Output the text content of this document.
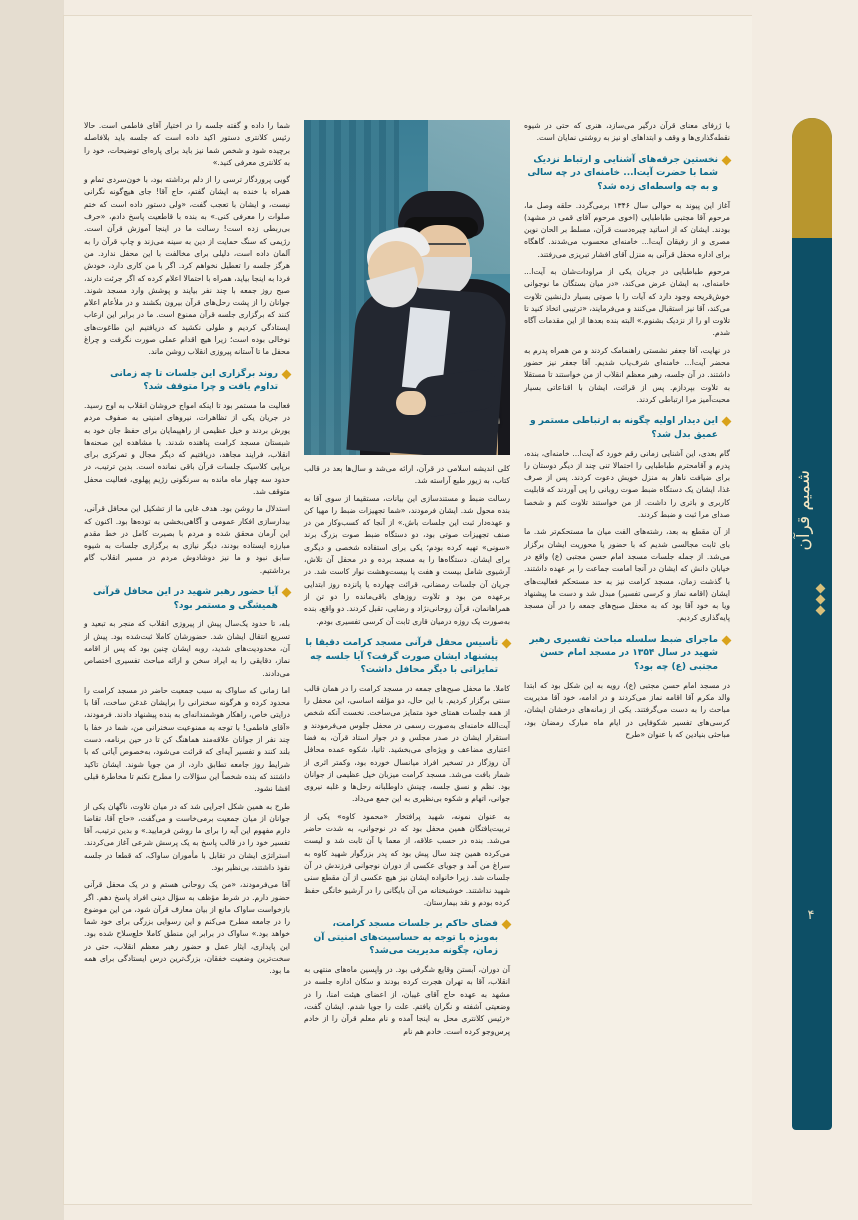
شمیم قرآن
۴

شما را داده و گفته جلسه را در اختیار آقای فاطمی است. حالا رئیس کلانتری دستور اکید داده است که جلسه باید بلافاصله برچیده شود و شخص شما نیز باید برای پاره‌ای توضیحات، خود را به کلانتری معرفی کنید.»

گویی پروردگار ترسی را از دلم برداشته بود، با خون‌سردی تمام و همراه با خنده به ایشان گفتم، حاج آقا! جای هیچ‌گونه نگرانی نیست، و ایشان با تعجب گفت، «ولی دستور داده است که ختم صلوات را معرفی کنی.» به بنده با قاطعیت پاسخ دادم، «حرف بی‌ربطی زده است! رسالت ما در اینجا آموزش قرآن است. رژیمی که سنگ حمایت از دین به سینه می‌زند و چاپ قرآن را به آلمان داده است، دلیلی برای مخالفت با این محفل ندارد. من هرگز جلسه را تعطیل نخواهم کرد. اگر با من کاری دارد، خودش فردا به اینجا بیاید، همراه با احتمالا اعلام کرده که اگر جرئت دارند، صبح روز جمعه با چند نفر بیایند و پوشش وارد مسجد شوند. جوانان را از پشت رحل‌های قرآن بیرون بکشند و در ملأعام اعلام کنند که برگزاری جلسه قرآن ممنوع است. ما در برابر این ارعاب ایستادگی کردیم و طولی نکشید که دریافتیم این طاغوت‌های نوخالی بوده است؛ زیرا هیچ اقدام عملی صورت نگرفت و چراغ محفل ما تا آستانه پیروزی انقلاب روشن ماند.

روند برگزاری این جلسات تا چه زمانی تداوم یافت و چرا متوقف شد؟

فعالیت ما مستمر بود تا اینکه امواج خروشان انقلاب به اوج رسید. در جریان یکی از تظاهرات، نیروهای امنیتی به صفوف مردم یورش بردند و خیل عظیمی از راهپیمایان برای حفظ جان خود به شبستان مسجد کرامت پناهنده شدند. با مشاهده این صحنه‌ها انقلاب، فرایند مجاهد، دریافتیم که دیگر مجال و تمرکزی برای برپایی کلاسیک جلسات قرآن باقی نمانده است. بدین ترتیب، در حدود سه چهار ماه مانده به سرنگونی رژیم پهلوی، فعالیت محفل متوقف شد.

استدلال ما روشن بود. هدف غایی ما از تشکیل این محافل قرآنی، بیدارسازی افکار عمومی و آگاهی‌بخشی به توده‌ها بود. اکنون که این آرمان محقق شده و مردم با بصیرت کامل در خط مقدم مبارزه ایستاده بودند، دیگر نیازی به برگزاری جلسات به شیوه سابق نبود و ما نیز دوشادوش مردم در مسیر انقلاب گام برداشتیم.

آیا حضور رهبر شهید در این محافل قرآنی همیشگی و مستمر بود؟

بله، تا حدود یک‌سال پیش از پیروزی انقلاب که منجر به تبعید و تسریع انتقال ایشان شد. حضورشان کاملا ثبت‌شده بود. پیش از آن، محدودیت‌های شدید، روبه ایشان چنین بود که پس از اقامه نماز، دقایقی را به ایراد سخن و ارائه مباحث تفسیری اختصاص می‌دادند.

اما زمانی که ساواک به سبب جمعیت حاضر در مسجد کرامت را محدود کرده و هرگونه سخنرانی را برایشان غدغن ساخت، آقا با درایتی خاص، راهکار هوشمندانه‌ای به بنده پیشنهاد دادند. فرمودند، «آقای فاطمی! با توجه به ممنوعیت سخنرانی من، شما در خفا با چند نفر از جوانان علاقه‌مند هماهنگ کن تا در حین برنامه، دست بلند کنند و تفسیر آیه‌ای که قرائت می‌شود، به‌خصوص آیاتی که با شرایط روز جامعه تطابق دارد، از من جویا شوند. ایشان تاکید داشتند که بنده شخصاً این سؤالات را مطرح نکنم تا مخاطرهٔ قبلی افشا نشود.

طرح به همین شکل اجرایی شد که در میان تلاوت، ناگهان یکی از جوانان از میان جمعیت برمی‌خاست و می‌گفت، «حاج آقا، تقاضا دارم مفهوم این آیه را برای ما روشن فرمایید.» و بدین ترتیب، آقا تفسیر خود را در قالب پاسخ به یک پرسش شرعی آغاز می‌کردند. استراتژی ایشان در تقابل با مأموران ساواک، که قطعا در جلسه نفوذ داشتند، بی‌نظیر بود.

آقا می‌فرمودند، «من یک روحانی هستم و در یک محفل قرآنی حضور دارم. در شرط مؤظف به سؤال دینی افراد پاسخ دهم. اگر بازخواست ساواک مانع از بیان معارف قرآن شود، من این موضوع را در جامعه مطرح می‌کنم و این رسوایی بزرگی برای خود شما خواهد بود.» ساواک در برابر این منطق کاملا خلع‌سلاح شده بود. این پایداری، ایثار عمل و حضور رهبر معظم انقلاب، حتی در سخت‌ترین وضعیت خفقان، بزرگ‌ترین درس ایستادگی برای همه ما بود.

کلی اندیشه اسلامی در قرآن، ارائه می‌شد و سال‌ها بعد در قالب کتاب، به زیور طبع آراسته شد.

رسالت ضبط و مستندسازی این بیانات، مستقیما از سوی آقا به بنده محول شد. ایشان فرمودند، «شما تجهیزات ضبط را مهیا کن و عهده‌دار ثبت این جلسات باش.» از آنجا که کسب‌وکار من در صنف تجهیزات صوتی بود، دو دستگاه ضبط صوت بزرگ برند «سونی» تهیه کرده بودم؛ یکی برای استفاده شخصی و دیگری برای ایشان. دستگاه‌ها را به مسجد برده و در محفل آن تلاش، آرشیوی شامل بیست و هفت یا بیست‌وهشت نوار کاست شد. در جریان آن جلسات رمضانی، قرائت چهارده یا پانزده روز ابتدایی برعهده من بود و تلاوت روزهای باقی‌مانده را دو تن از همراهانمان، قرآن روحانی‌نژاد و رضایی، تقبل کردند. دو واقع، بنده به‌صورت یک روزه درمیان قاری ثابت آن کرسی تفسیری بودم.

تأسیس محفل قرآنی مسجد کرامت دقیقا با پیشنهاد ایشان صورت گرفت؟ آیا جلسه چه تمایزاتی با دیگر محافل داشت؟

کاملا. ما محفل صبح‌های جمعه در مسجد کرامت را در همان قالب سنتی برگزار کردیم. با این حال، دو مؤلفه اساسی، این محفل را از همه جلسات همتای خود متمایز می‌ساخت. نخست آنکه شخص آیت‌الله خامنه‌ای به‌صورت رسمی در محفل جلوس می‌فرمودند و استقرار ایشان در صدر مجلس و در جوار استاد قرآن، به فضا اعتباری مضاعف و ویژه‌ای می‌بخشید. ثانیا، شکوه عمده محافل آن روزگار در تسخیر افراد میانسال خورده بود، وکمتر اثری از شمار بافت می‌شد. مسجد کرامت میزبان خیل عظیمی از جوانان بود. نظم و نسق جلسه، چینش داوطلبانه رحل‌ها و غلبه نیروی جوانی، اتهام و شکوه بی‌نظیری به این جمع می‌داد.

به عنوان نمونه، شهید پرافتخار «محمود کاوه» یکی از تربیت‌یافتگان همین محفل بود که در نوجوانی، به شدت حاضر می‌شد. بنده در حسب علاقه، از معما یا آن ثابت شد و لیست می‌کرده همین چند سال پیش بود که پدر بزرگوار شهید کاوه به سراغ من آمد و جویای عکسی از دوران نوجوانی فرزندش در آن جلسات شد. زیرا خانواده ایشان نیز هیچ عکسی از آن مقطع سنی شهید نداشتند. خوشبختانه من آن بایگانی را در آرشیو خانگی حفظ کرده بودم و نقد بیمارستان.

فضای حاکم بر جلسات مسجد کرامت، به‌ویژه با توجه به حساسیت‌های امنیتی آن زمان، چگونه مدیریت می‌شد؟

آن دوران، آبستن وقایع شگرفی بود. در واپسین ماه‌های منتهی به انقلاب، آقا به تهران هجرت کرده بودند و سکان اداره جلسه در مشهد به عهده حاج آقای غیبان، از اعضای هیئت امنا، را در وضعیتی آشفته و نگران یافتم. علت را جویا شدم. ایشان گفت، «رئیس کلانتری محل به اینجا آمده و نام معلم قرآن را از خادم پرس‌وجو کرده است. خادم هم نام

با ژرفای معنای قرآن درگیر می‌سازد، هنری که حتی در شیوه نقطه‌گذاری‌ها و وقف و ابتداهای او نیز به روشنی نمایان است.

نخستین جرقه‌های آشنایی و ارتباط نزدیک شما با حضرت آیت‌ا... خامنه‌ای در چه سالی و به چه واسطه‌ای زده شد؟

آغاز این پیوند به حوالی سال ۱۳۴۶ برمی‌گردد. حلقه وصل ما، مرحوم آقا مجتبی طباطبایی (اخوی مرحوم آقای قمی در مشهد) بودند. ایشان که از اساتید چیره‌دست قرآن، مسلط بر الحان نوین مصری و از رفیقان آیت‌ا... خامنه‌ای محسوب می‌شدند. گاهگاه برای اداره محفل قرآنی به منزل آقای افشار تبریزی می‌رفتند.

مرحوم طباطبایی در جریان یکی از مراودات‌شان به آیت‌ا... خامنه‌ای، به ایشان عرض می‌کند، «در میان بستگان ما نوجوانی خوش‌قریحه وجود دارد که آیات را با صوتی بسیار دل‌نشین تلاوت می‌کند، آقا نیز استقبال می‌کنند و می‌فرمایند، «ترتیبی اتخاذ کنید تا تلاوت او را از نزدیک بشنوم.» البته بنده بعدها از این مقدمات آگاه شدم.

در نهایت، آقا جعفر نشستی راهنمامک کردند و من همراه پدرم به محضر آیت‌ا... خامنه‌ای شرف‌یاب شدیم. آقا جعفر نیز حضور داشتند. در آن جلسه، رهبر معظم انقلاب از من خواستند تا مستقلا به تلاوت بپردازم. پس از قرائت، ایشان با اقناعاتی بسیار محبت‌آمیز مرا ارتباطی کردند.

این دیدار اولیه چگونه به ارتباطی مستمر و عمیق بدل شد؟

گام بعدی، این آشنایی زمانی رقم خورد که آیت‌ا... خامنه‌ای، بنده، پدرم و آقامحترم طباطبایی را احتمالا تنی چند از دیگر دوستان را برای ضیافت ناهار به منزل خویش دعوت کردند. پس از صرف غذا، ایشان یک دستگاه ضبط صوت روبانی را پی آوردند که قابلیت کاربری و باتری را داشت. از من خواستند تلاوت کنم و شخصا صدای مرا ثبت و ضبط کردند.

از آن مقطع به بعد، رشته‌های الفت میان ما مستحکم‌تر شد. ما بای ثابت مجالسی شدیم که با حضور یا محوریت ایشان برگزار می‌شد. از جمله جلسات مسجد امام حسن مجتبی (ع) واقع در خیابان دانش که ایشان در آنجا امامت جماعت را بر عهده داشتند. با گذشت زمان، مسجد کرامت نیز به حد مستحکم فعالیت‌های ایشان (اقامه نماز و کرسی تفسیر) مبدل شد و دست ما پیشنهاد ویا به خود آقا بود که به محفل صبح‌های جمعه را در آن مسجد پایه‌گذاری کردیم.

ماجرای ضبط سلسله مباحث تفسیری رهبر شهید در سال ۱۳۵۴ در مسجد امام حسن مجتبی (ع) چه بود؟

در مسجد امام حسن مجتبی (ع)، رویه به این شکل بود که ابتدا والد مکرم آقا اقامه نماز می‌کردند و در ادامه، خود آقا مدیریت مباحث را به دست می‌گرفتند. یکی از زمانه‌های درخشان ایشان، کرسی‌های تفسیر شکوفایی در ایام ماه مبارک رمضان بود، مباحثی بنیادین که با عنوان «طرح
